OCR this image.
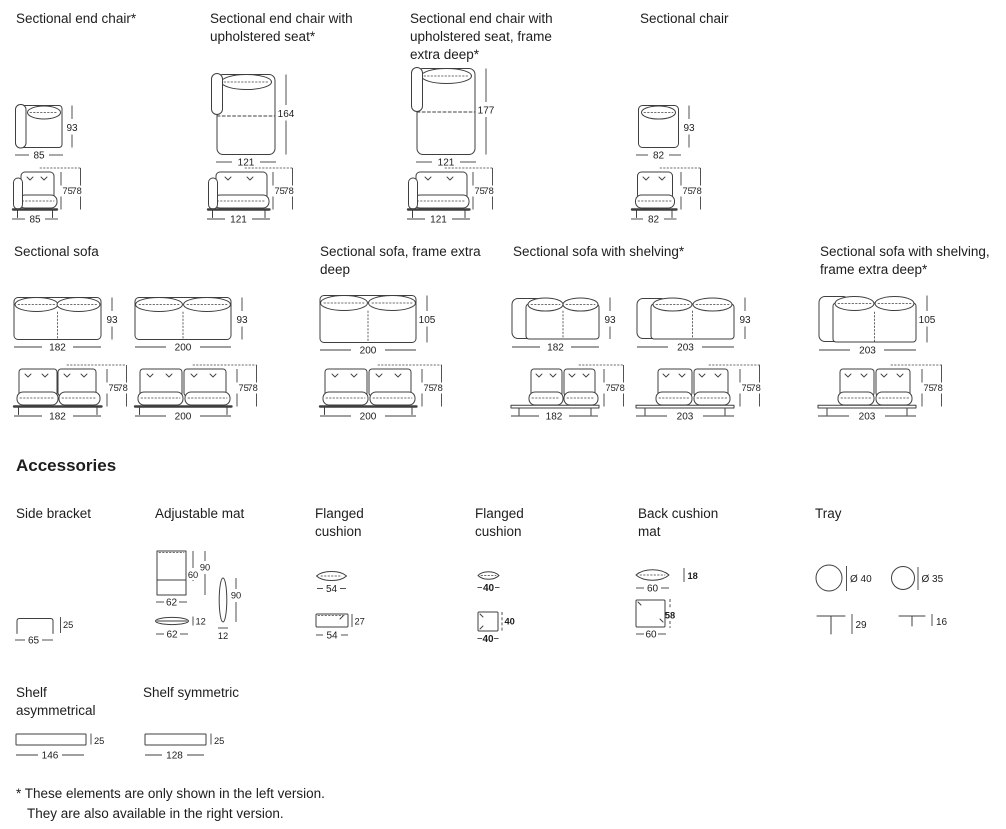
Sectional end chair*	Sectional end chair with upholstered seat*
Sectional end chair with upholstered seat, frame extra deep*
Sectional chair
93
85
75
78
85
164
121
75
78
121
177
121
75
78
121
93
82
75
78
82
Sectional sofa	Sectional sofa, frame extra deep
Sectional sofa with shelving*	Sectional sofa with shelving, frame extra deep*
93
182
93
200
105
200
93
182
93
203
105
203
75
78
182
75
78
200
75
78
200
75
78
182
75
78
203
75
78
203
Accessories
Side bracket	Adjustable mat	Flanged cushion
Flanged cushion
Back cushion mat
Tray
25
65
60
90
62
12
62
90
12
54
27
54
40
40
40
60
18
58
60
Ø 40	Ø 35
29	16
Shelf asymmetrical
Shelf symmetric
25
146
25
128
* These elements are only shown in the left version.
They are also available in the right version.
